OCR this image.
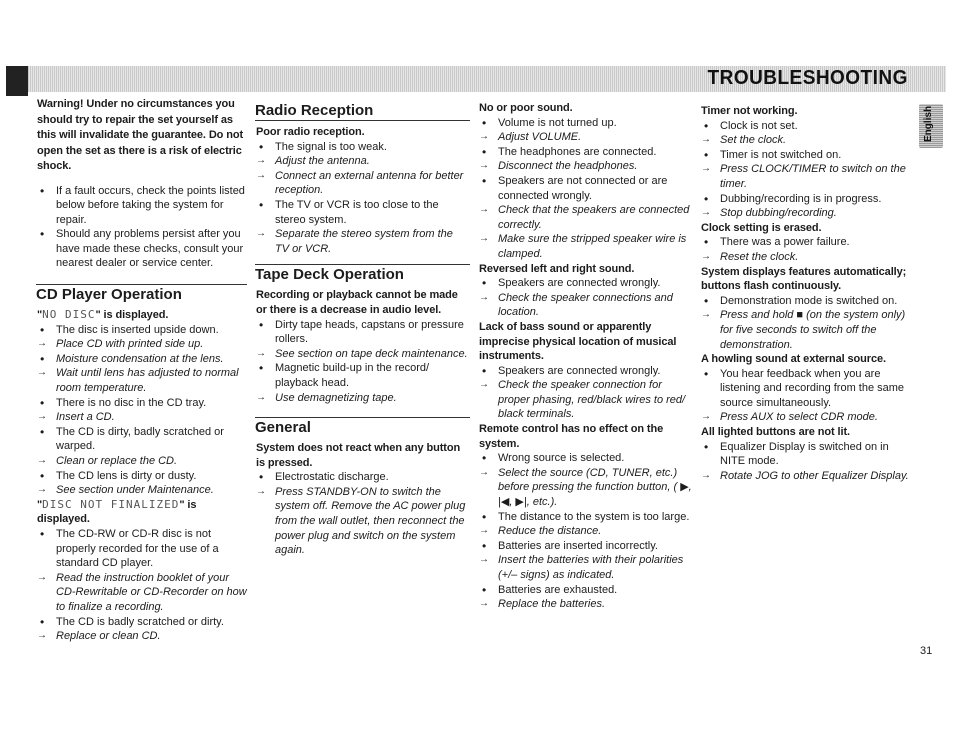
TROUBLESHOOTING
English
31

Warning! Under no circumstances you should try to repair the set yourself as this will invalidate the guarantee. Do not open the set as there is a risk of electric shock.

• If a fault occurs, check the points listed below before taking the system for repair.
• Should any problems persist after you have made these checks, consult your nearest dealer or service center.
CD Player Operation

"NO DISC" is displayed.

• The disc is inserted upside down.
→ Place CD with printed side up.
• Moisture condensation at the lens.
→ Wait until lens has adjusted to normal room temperature.
• There is no disc in the CD tray.
→ Insert a CD.
• The CD is dirty, badly scratched or warped.
→ Clean or replace the CD.
• The CD lens is dirty or dusty.
→ See section under Maintenance.

"DISC NOT FINALIZED" is displayed.

• The CD-RW or CD-R disc is not properly recorded for the use of a standard CD player.
→ Read the instruction booklet of your CD-Rewritable or CD-Recorder on how to finalize a recording.
• The CD is badly scratched or dirty.
→ Replace or clean CD.
Radio Reception

Poor radio reception.

• The signal is too weak.
→ Adjust the antenna.
→ Connect an external antenna for better reception.
• The TV or VCR is too close to the stereo system.
→ Separate the stereo system from the TV or VCR.
Tape Deck Operation

Recording or playback cannot be made or there is a decrease in audio level.

• Dirty tape heads, capstans or pressure rollers.
→ See section on tape deck maintenance.
• Magnetic build-up in the record/ playback head.
→ Use demagnetizing tape.
General

System does not react when any button is pressed.

• Electrostatic discharge.
→ Press STANDBY-ON to switch the system off. Remove the AC power plug from the wall outlet, then reconnect the power plug and switch on the system again.

No or poor sound.

• Volume is not turned up.
→ Adjust VOLUME.
• The headphones are connected.
→ Disconnect the headphones.
• Speakers are not connected or are connected wrongly.
→ Check that the speakers are connected correctly.
→ Make sure the stripped speaker wire is clamped.

Reversed left and right sound.

• Speakers are connected wrongly.
→ Check the speaker connections and location.

Lack of bass sound or apparently imprecise physical location of musical instruments.

• Speakers are connected wrongly.
→ Check the speaker connection for proper phasing, red/black wires to red/ black terminals.

Remote control has no effect on the system.

• Wrong source is selected.
→ Select the source (CD, TUNER, etc.) before pressing the function button, ( ▶, |◀, ▶|, etc.).
• The distance to the system is too large.
→ Reduce the distance.
• Batteries are inserted incorrectly.
→ Insert the batteries with their polarities (+/– signs) as indicated.
• Batteries are exhausted.
→ Replace the batteries.

Timer not working.

• Clock is not set.
→ Set the clock.
• Timer is not switched on.
→ Press CLOCK/TIMER to switch on the timer.
• Dubbing/recording is in progress.
→ Stop dubbing/recording.

Clock setting is erased.

• There was a power failure.
→ Reset the clock.

System displays features automatically; buttons flash continuously.

• Demonstration mode is switched on.
→ Press and hold ■ (on the system only) for five seconds to switch off the demonstration.

A howling sound at external source.

• You hear feedback when you are listening and recording from the same source simultaneously.
→ Press AUX to select CDR mode.

All lighted buttons are not lit.

• Equalizer Display is switched on in NITE mode.
→ Rotate JOG to other Equalizer Display.
